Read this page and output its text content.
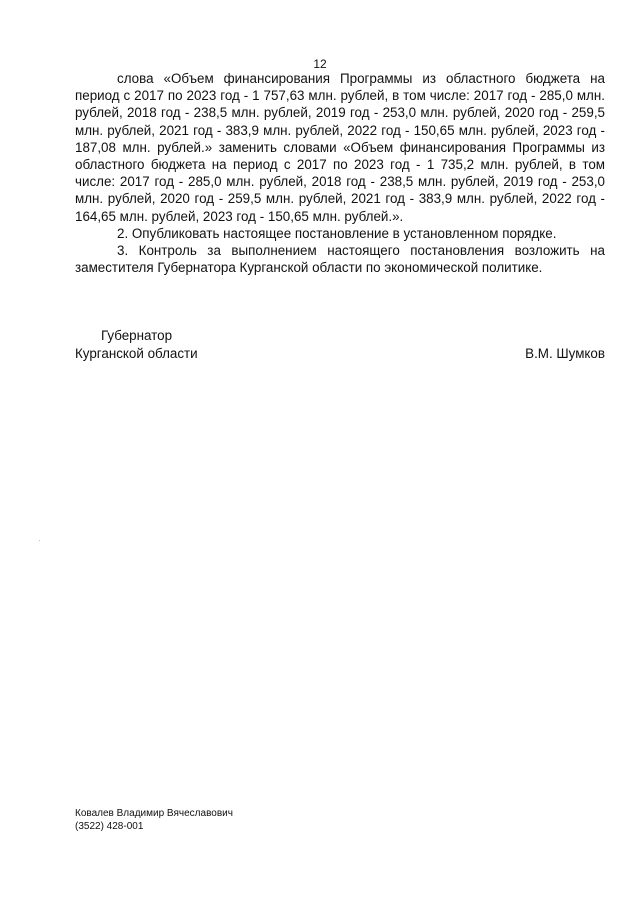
12

слова «Объем финансирования Программы из областного бюджета на период с 2017 по 2023 год - 1 757,63 млн. рублей, в том числе: 2017 год - 285,0 млн. рублей, 2018 год - 238,5 млн. рублей, 2019 год - 253,0 млн. рублей, 2020 год - 259,5 млн. рублей, 2021 год - 383,9 млн. рублей, 2022 год - 150,65 млн. рублей, 2023 год - 187,08 млн. рублей.» заменить словами «Объем финансирования Программы из областного бюджета на период с 2017 по 2023 год - 1 735,2 млн. рублей, в том числе: 2017 год - 285,0 млн. рублей, 2018 год - 238,5 млн. рублей, 2019 год - 253,0 млн. рублей, 2020 год - 259,5 млн. рублей, 2021 год - 383,9 млн. рублей, 2022 год - 164,65 млн. рублей, 2023 год - 150,65 млн. рублей.».

2. Опубликовать настоящее постановление в установленном порядке.

3. Контроль за выполнением настоящего постановления возложить на заместителя Губернатора Курганской области по экономической политике.

Губернатор
Курганской области	В.М. Шумков
Ковалев Владимир Вячеславович
(3522) 428-001
